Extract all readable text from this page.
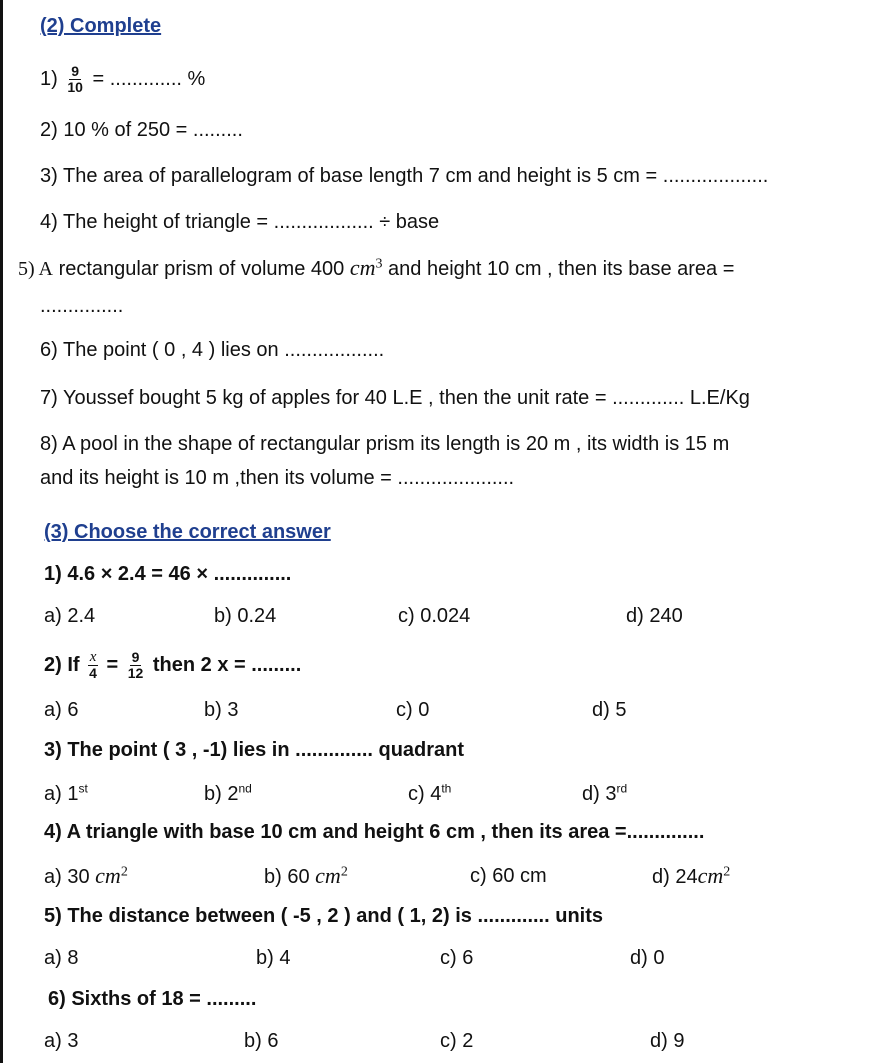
(2) Complete
$1) \frac{9}{10}$ = ............. %
2) 10 % of 250 = .........
3) The area of parallelogram of base length 7 cm and height is 5 cm = ...................
4) The height of triangle = .................. ÷ base
5) A rectangular prism of volume 400 $cm^3$ and height 10 cm , then its base area =
...............
6) The point ( 0 , 4 ) lies on ..................
7) Youssef bought 5 kg of apples for 40 L.E , then the unit rate = ............. L.E/Kg
8) A pool in the shape of rectangular prism its length is 20 m , its width is 15 m
and its height is 10 m ,then its volume = .....................
(3) Choose the correct answer
1) 4.6 × 2.4 = 46 × ..............
a) 2.4	b) 0.24	c) 0.024	d) 240
2) If $\frac{x}{4} = \frac{9}{12}$ then 2 x = .........
a) 6	b) 3	c) 0	d) 5
3) The point ( 3 , -1) lies in .............. quadrant
a) 1st	b) 2nd	c) 4th	d) 3rd
4) A triangle with base 10 cm and height 6 cm , then its area =..............
a) 30 $cm^2$	b) 60 $cm^2$	c) 60 cm	d) $24cm^2$
5) The distance between ( -5 , 2 ) and ( 1, 2) is ............. units
a) 8	b) 4	c) 6	d) 0
6) Sixths of 18 = .........
a) 3	b) 6	c) 2	d) 9
